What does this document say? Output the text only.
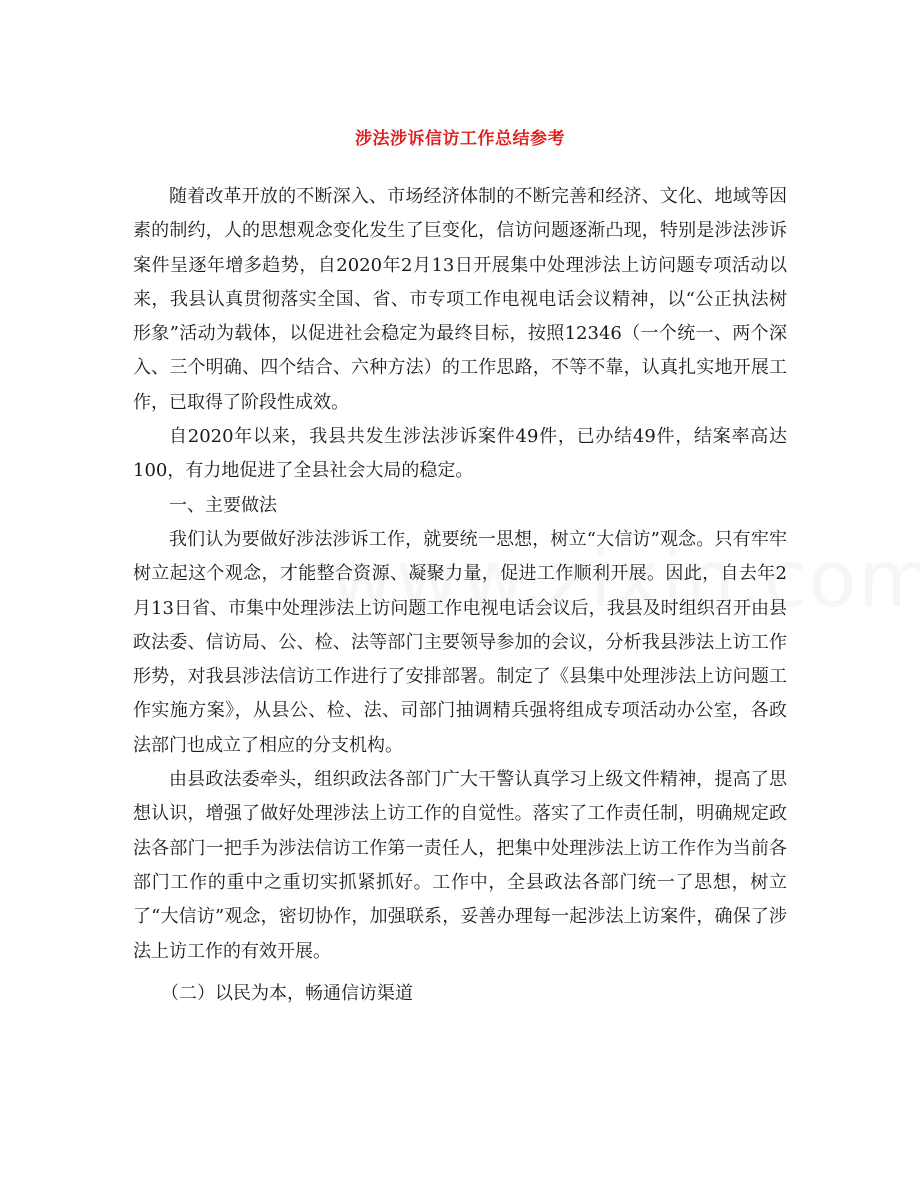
涉法涉诉信访工作总结参考

随着改革开放的不断深入、市场经济体制的不断完善和经济、文化、地域等因素的制约，人的思想观念变化发生了巨变化，信访问题逐渐凸现，特别是涉法涉诉案件呈逐年增多趋势，自2020年2月13日开展集中处理涉法上访问题专项活动以来，我县认真贯彻落实全国、省、市专项工作电视电话会议精神，以“公正执法树形象”活动为载体，以促进社会稳定为最终目标，按照12346（一个统一、两个深入、三个明确、四个结合、六种方法）的工作思路，不等不靠，认真扎实地开展工作，已取得了阶段性成效。

自2020年以来，我县共发生涉法涉诉案件49件，已办结49件，结案率高达100，有力地促进了全县社会大局的稳定。

一、主要做法

我们认为要做好涉法涉诉工作，就要统一思想，树立“大信访”观念。只有牢牢树立起这个观念，才能整合资源、凝聚力量，促进工作顺利开展。因此，自去年2月13日省、市集中处理涉法上访问题工作电视电话会议后，我县及时组织召开由县政法委、信访局、公、检、法等部门主要领导参加的会议，分析我县涉法上访工作形势，对我县涉法信访工作进行了安排部署。制定了《县集中处理涉法上访问题工作实施方案》，从县公、检、法、司部门抽调精兵强将组成专项活动办公室，各政法部门也成立了相应的分支机构。

由县政法委牵头，组织政法各部门广大干警认真学习上级文件精神，提高了思想认识，增强了做好处理涉法上访工作的自觉性。落实了工作责任制，明确规定政法各部门一把手为涉法信访工作第一责任人，把集中处理涉法上访工作作为当前各部门工作的重中之重切实抓紧抓好。工作中，全县政法各部门统一了思想，树立了“大信访”观念，密切协作，加强联系，妥善办理每一起涉法上访案件，确保了涉法上访工作的有效开展。

（二）以民为本，畅通信访渠道
